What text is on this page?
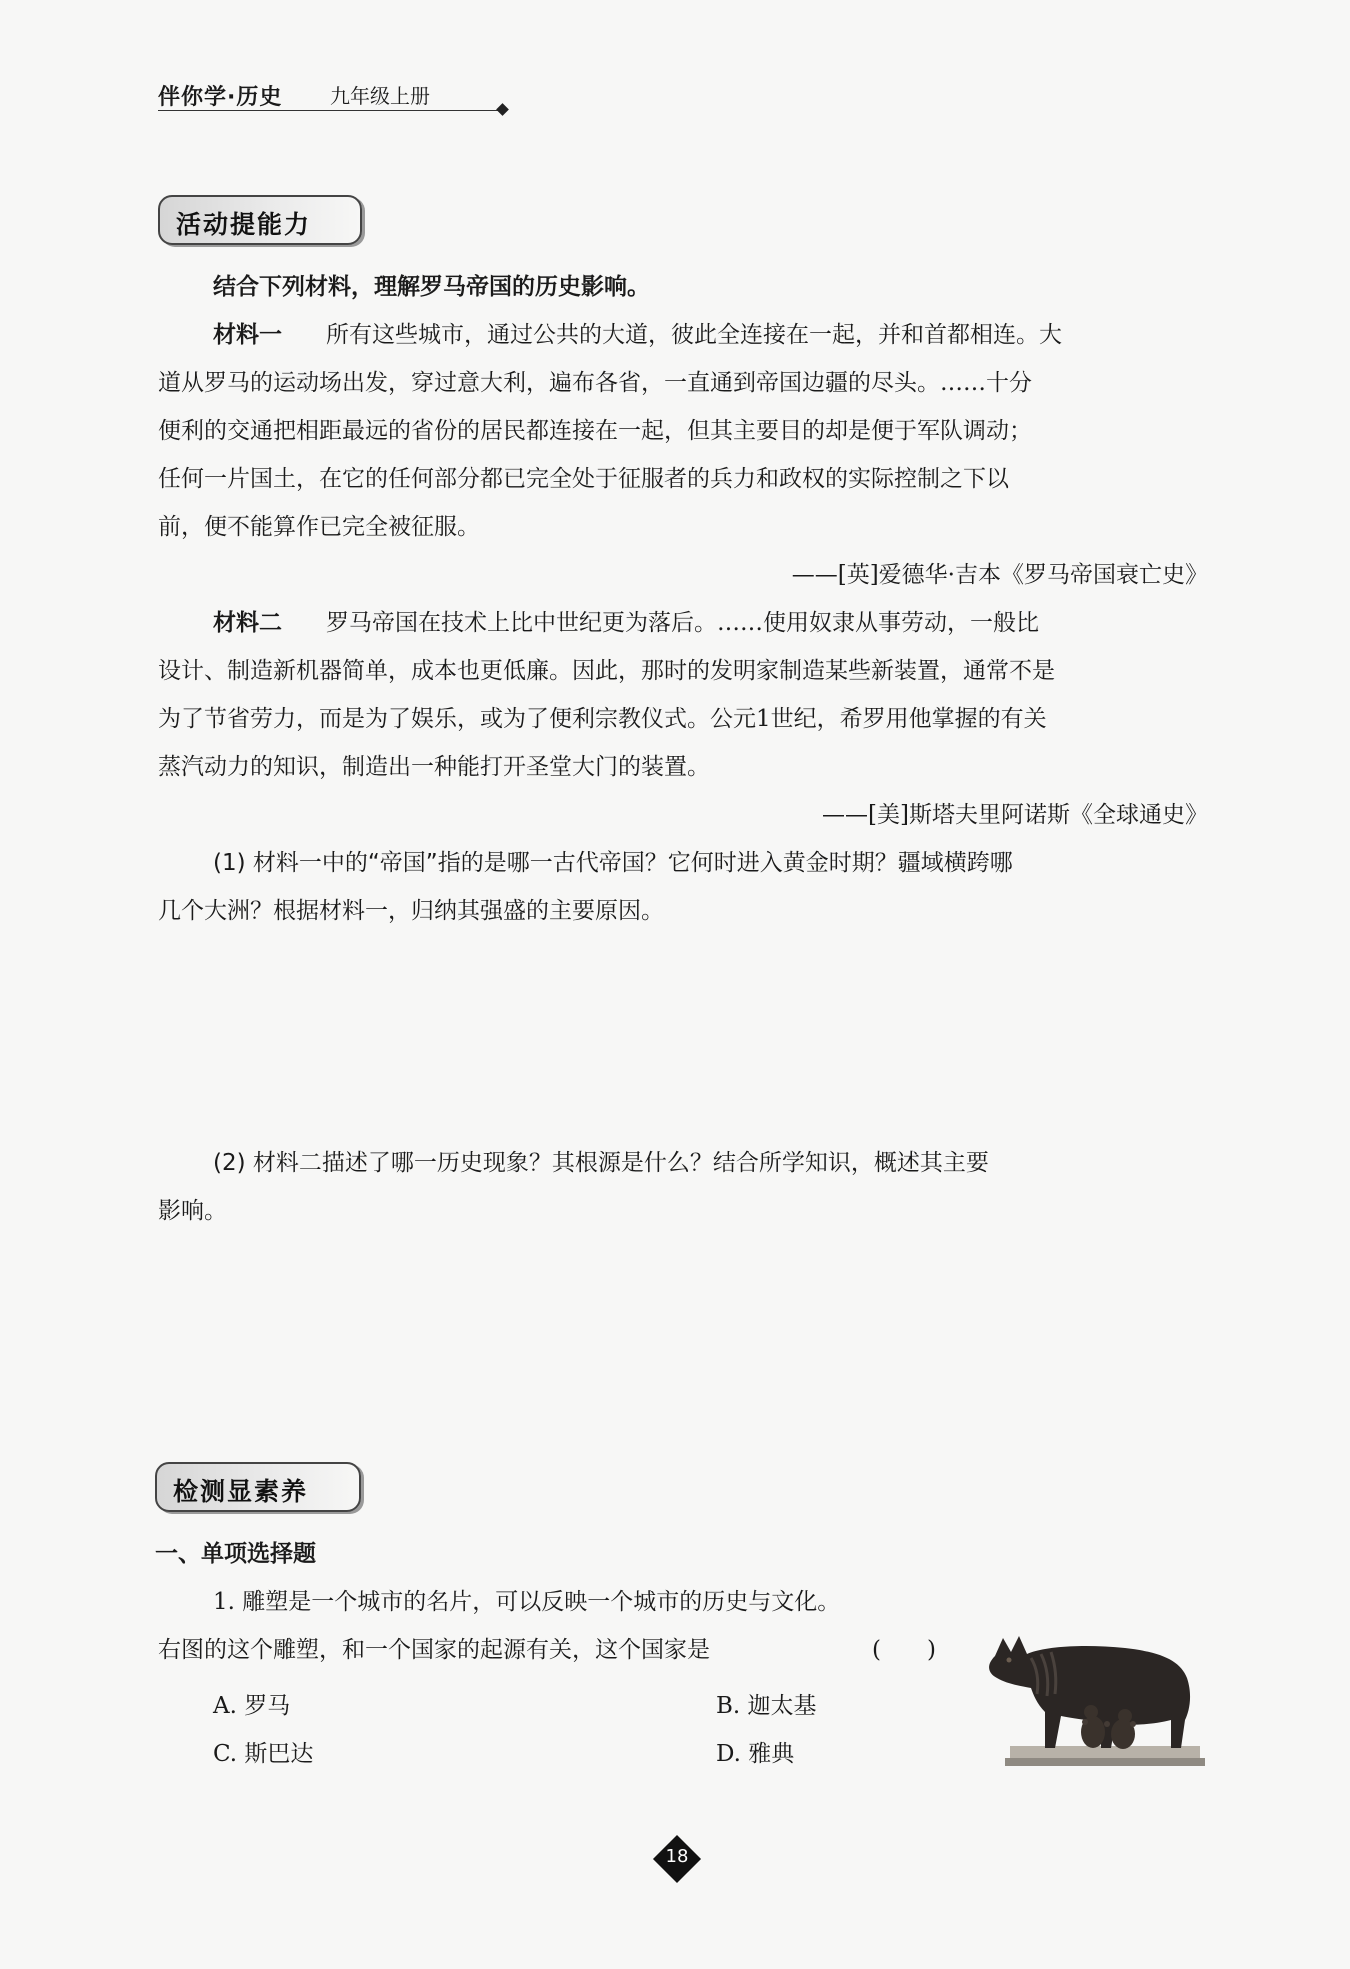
伴你学·历史 九年级上册
活动提能力
结合下列材料，理解罗马帝国的历史影响。
材料一 所有这些城市，通过公共的大道，彼此全连接在一起，并和首都相连。大
道从罗马的运动场出发，穿过意大利，遍布各省，一直通到帝国边疆的尽头。……十分
便利的交通把相距最远的省份的居民都连接在一起，但其主要目的却是便于军队调动；
任何一片国土，在它的任何部分都已完全处于征服者的兵力和政权的实际控制之下以
前，便不能算作已完全被征服。
——[英]爱德华·吉本《罗马帝国衰亡史》
材料二 罗马帝国在技术上比中世纪更为落后。……使用奴隶从事劳动，一般比
设计、制造新机器简单，成本也更低廉。因此，那时的发明家制造某些新装置，通常不是
为了节省劳力，而是为了娱乐，或为了便利宗教仪式。公元1世纪，希罗用他掌握的有关
蒸汽动力的知识，制造出一种能打开圣堂大门的装置。
——[美]斯塔夫里阿诺斯《全球通史》
(1) 材料一中的“帝国”指的是哪一古代帝国？它何时进入黄金时期？疆域横跨哪
几个大洲？根据材料一，归纳其强盛的主要原因。
(2) 材料二描述了哪一历史现象？其根源是什么？结合所学知识，概述其主要
影响。
检测显素养
一、单项选择题
1. 雕塑是一个城市的名片，可以反映一个城市的历史与文化。
右图的这个雕塑，和一个国家的起源有关，这个国家是	(　　)
A. 罗马	B. 迦太基
C. 斯巴达	D. 雅典
18
